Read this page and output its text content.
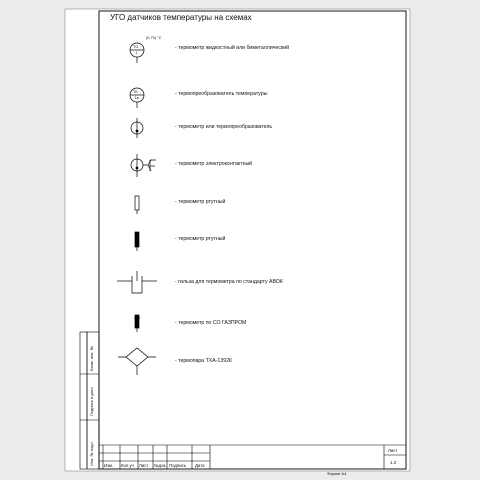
УГО датчиков температуры на схемах
(0-70) °C
TG
1
- термометр жидкостный или биметаллический
TE
1a
- термопреобразователь температуры
- термометр или термопреобразователь
- термометр электроконтактный
- термометр ртутный
- термометр ртутный
- гильза для термометра по стандарту АВОК
- термометр по СО ГАЗПРОМ
- термопара ТХА-1392К
Взам. инв. №
Подпись и дата
Инв. № подл. Изм. Кол.уч Лист №док. Подпись Дата
Лист
1.3
Формат А4
